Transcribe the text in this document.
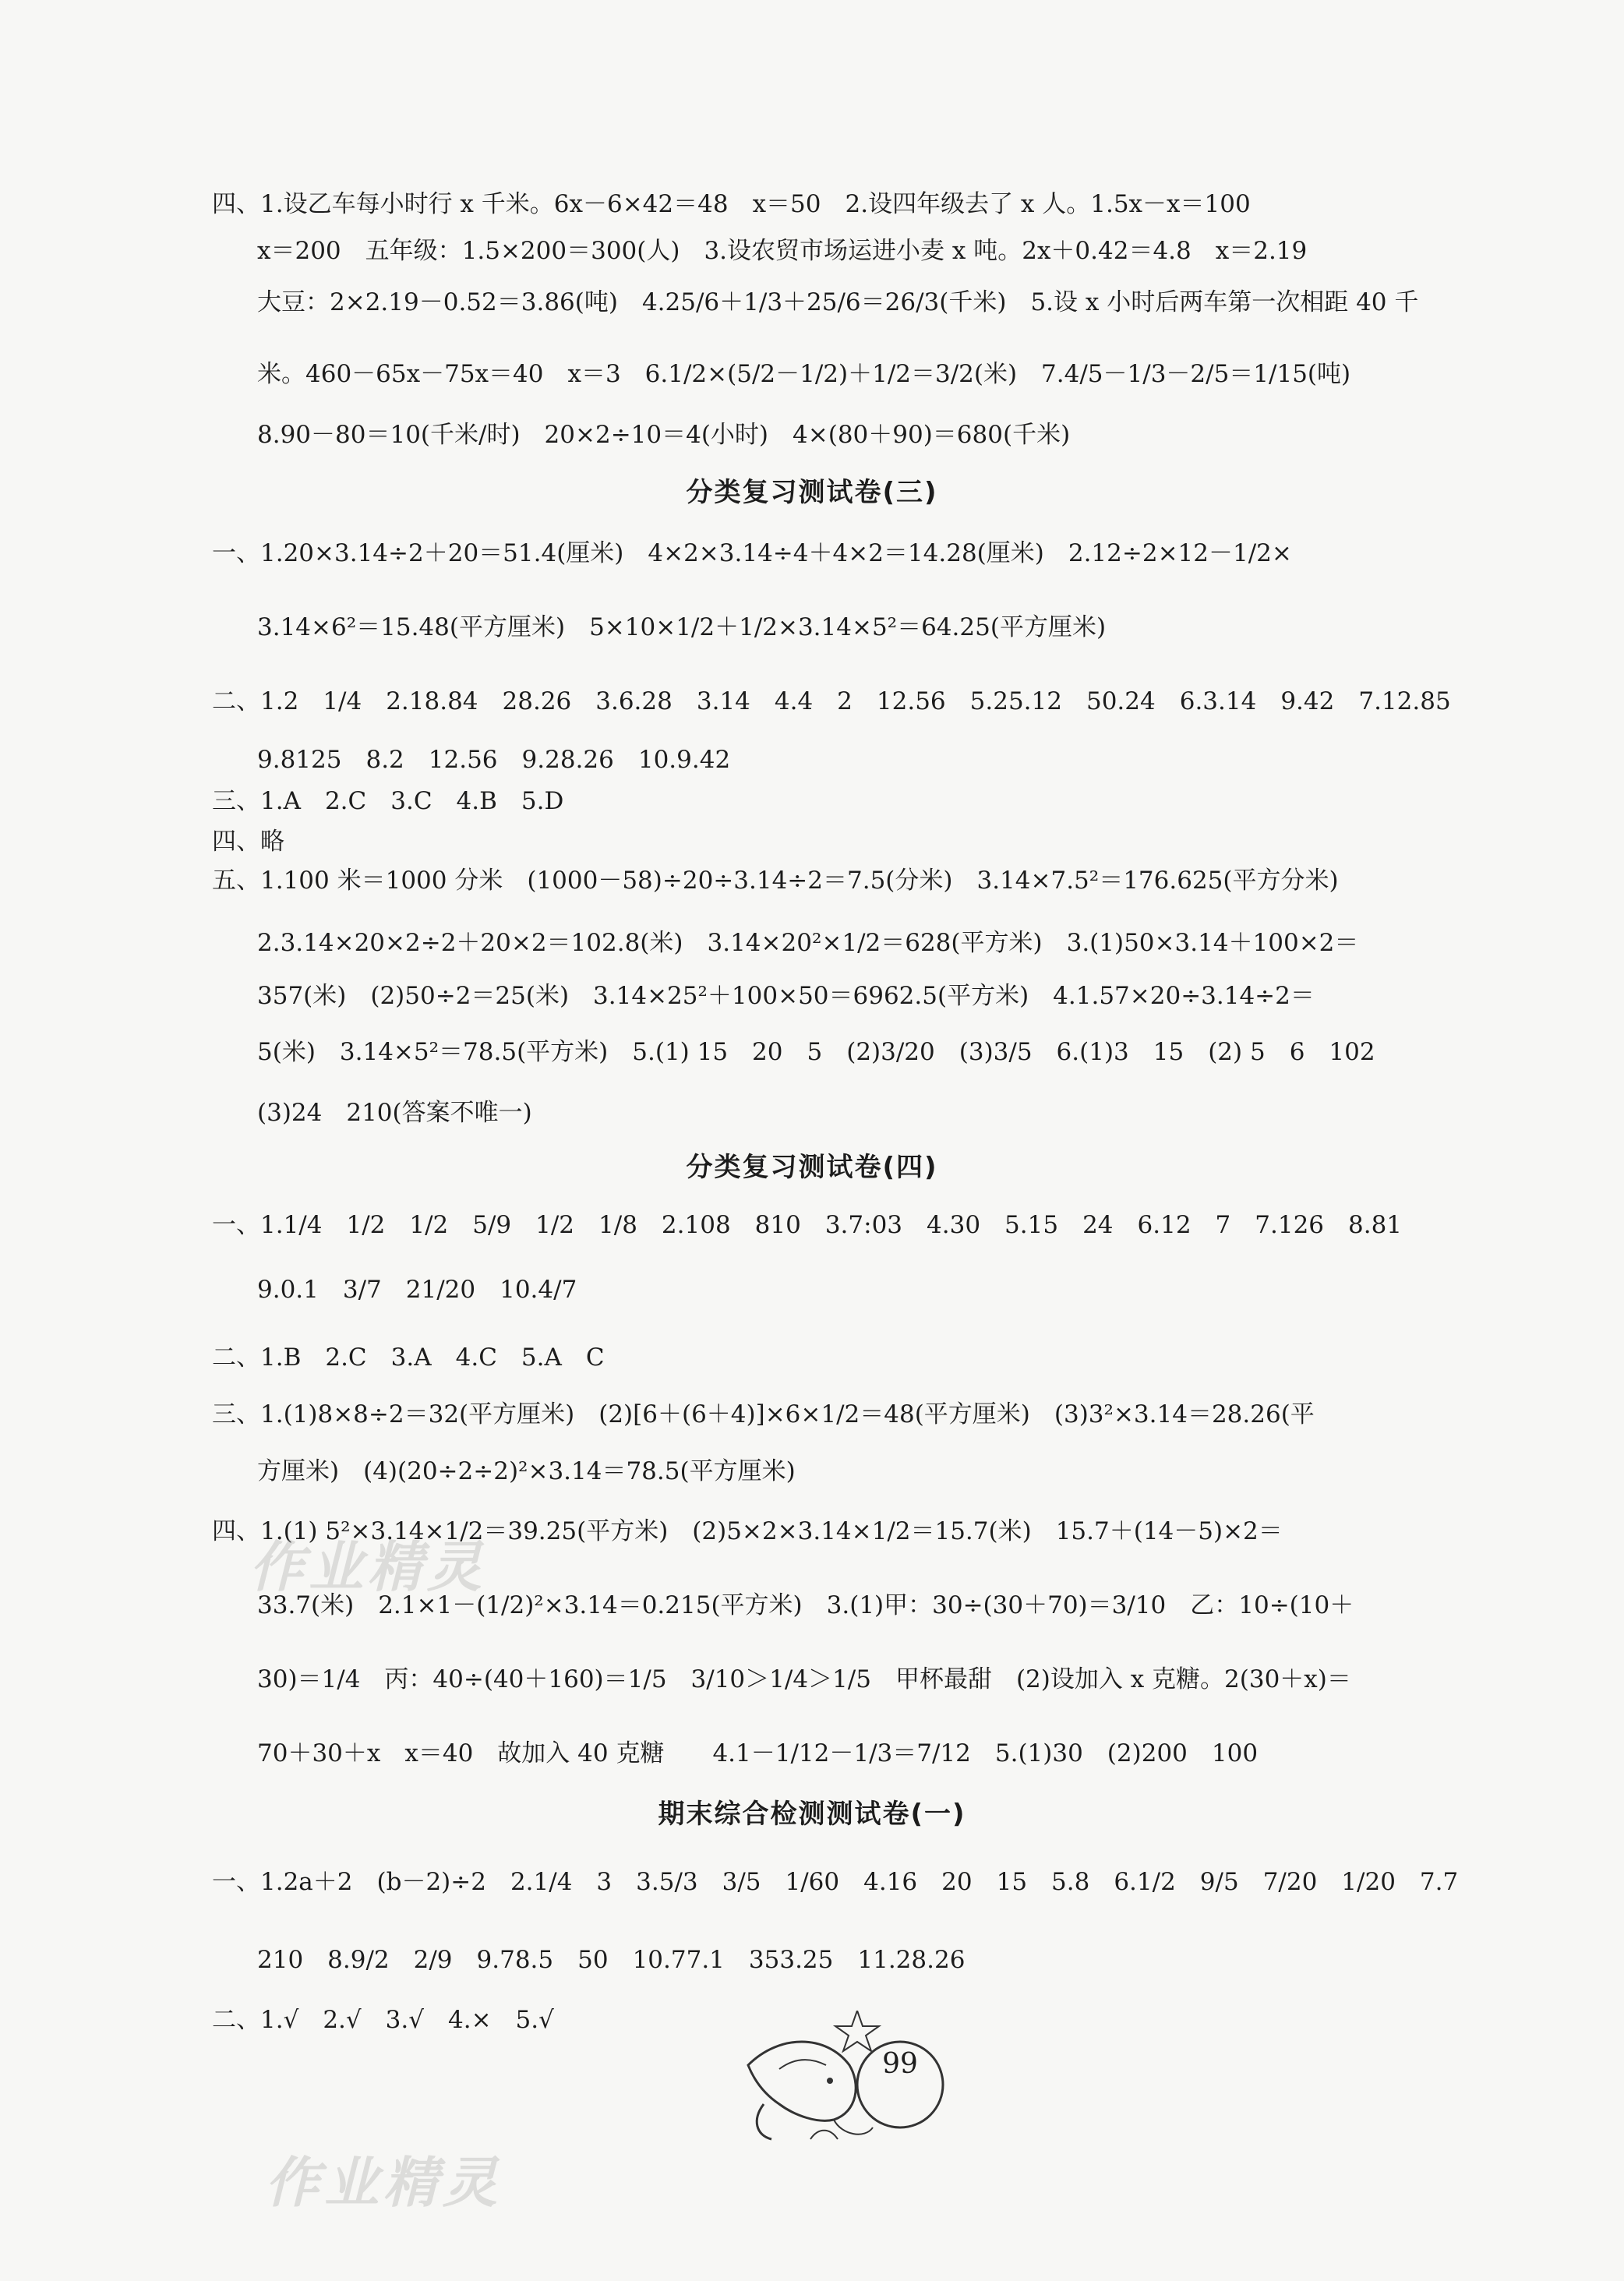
四、1.设乙车每小时行 x 千米。6x－6×42＝48　x＝50　2.设四年级去了 x 人。1.5x－x＝100
x＝200　五年级：1.5×200＝300(人)　3.设农贸市场运进小麦 x 吨。2x＋0.42＝4.8　x＝2.19
大豆：2×2.19－0.52＝3.86(吨)　4.25/6＋1/3＋25/6＝26/3(千米)　5.设 x 小时后两车第一次相距 40 千
米。460－65x－75x＝40　x＝3　6.1/2×(5/2－1/2)＋1/2＝3/2(米)　7.4/5－1/3－2/5＝1/15(吨)
8.90－80＝10(千米/时)　20×2÷10＝4(小时)　4×(80＋90)＝680(千米)
分类复习测试卷(三)
一、1.20×3.14÷2＋20＝51.4(厘米)　4×2×3.14÷4＋4×2＝14.28(厘米)　2.12÷2×12－1/2×
3.14×6²＝15.48(平方厘米)　5×10×1/2＋1/2×3.14×5²＝64.25(平方厘米)
二、1.2　1/4　2.18.84　28.26　3.6.28　3.14　4.4　2　12.56　5.25.12　50.24　6.3.14　9.42　7.12.85
9.8125　8.2　12.56　9.28.26　10.9.42
三、1.A　2.C　3.C　4.B　5.D
四、略
五、1.100 米＝1000 分米　(1000－58)÷20÷3.14÷2＝7.5(分米)　3.14×7.5²＝176.625(平方分米)
2.3.14×20×2÷2＋20×2＝102.8(米)　3.14×20²×1/2＝628(平方米)　3.(1)50×3.14＋100×2＝
357(米)　(2)50÷2＝25(米)　3.14×25²＋100×50＝6962.5(平方米)　4.1.57×20÷3.14÷2＝
5(米)　3.14×5²＝78.5(平方米)　5.(1) 15　20　5　(2)3/20　(3)3/5　6.(1)3　15　(2) 5　6　102
(3)24　210(答案不唯一)
分类复习测试卷(四)
一、1.1/4　1/2　1/2　5/9　1/2　1/8　2.108　810　3.7:03　4.30　5.15　24　6.12　7　7.126　8.81
9.0.1　3/7　21/20　10.4/7
二、1.B　2.C　3.A　4.C　5.A　C
三、1.(1)8×8÷2＝32(平方厘米)　(2)[6＋(6＋4)]×6×1/2＝48(平方厘米)　(3)3²×3.14＝28.26(平
方厘米)　(4)(20÷2÷2)²×3.14＝78.5(平方厘米)
四、1.(1) 5²×3.14×1/2＝39.25(平方米)　(2)5×2×3.14×1/2＝15.7(米)　15.7＋(14－5)×2＝
33.7(米)　2.1×1－(1/2)²×3.14＝0.215(平方米)　3.(1)甲：30÷(30＋70)＝3/10　乙：10÷(10＋
30)＝1/4　丙：40÷(40＋160)＝1/5　3/10＞1/4＞1/5　甲杯最甜　(2)设加入 x 克糖。2(30＋x)＝
70＋30＋x　x＝40　故加入 40 克糖　　4.1－1/12－1/3＝7/12　5.(1)30　(2)200　100
期末综合检测测试卷(一)
一、1.2a＋2　(b－2)÷2　2.1/4　3　3.5/3　3/5　1/60　4.16　20　15　5.8　6.1/2　9/5　7/20　1/20　7.7
210　8.9/2　2/9　9.78.5　50　10.77.1　353.25　11.28.26
二、1.√　2.√　3.√　4.×　5.√
作业精灵
作业精灵
99
